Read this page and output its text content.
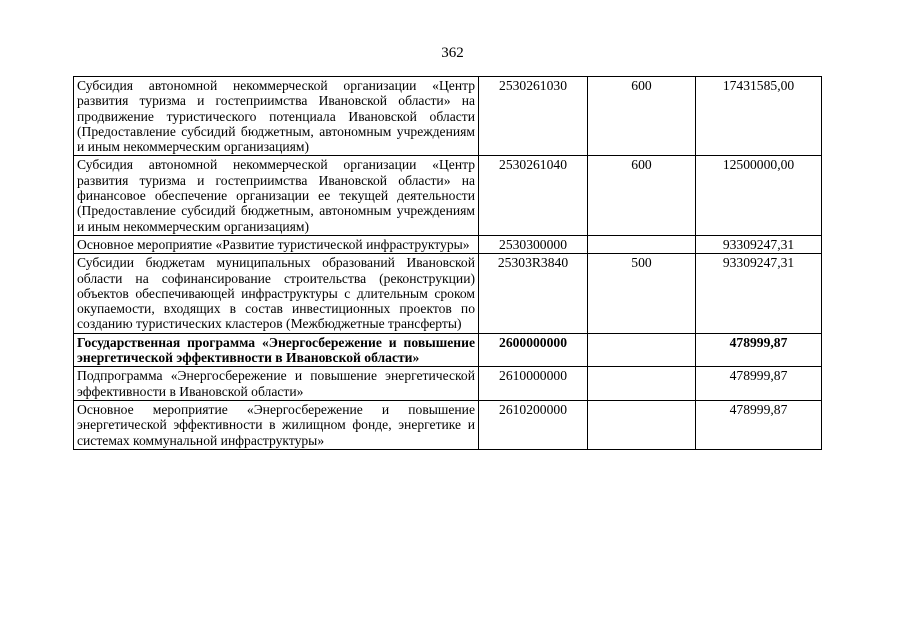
362
Субсидия автономной некоммерческой организации «Центр развития туризма и гостеприимства Ивановской области» на продвижение туристического потенциала Ивановской области (Предоставление субсидий бюджетным, автономным учреждениям и иным некоммерческим организациям)	2530261030	600	17431585,00
Субсидия автономной некоммерческой организации «Центр развития туризма и гостеприимства Ивановской области» на финансовое обеспечение организации ее текущей деятельности (Предоставление субсидий бюджетным, автономным учреждениям и иным некоммерческим организациям)	2530261040	600	12500000,00
Основное мероприятие «Развитие туристической инфраструктуры»	2530300000		93309247,31
Субсидии бюджетам муниципальных образований Ивановской области на софинансирование строительства (реконструкции) объектов обеспечивающей инфраструктуры с длительным сроком окупаемости, входящих в состав инвестиционных проектов по созданию туристических кластеров (Межбюджетные трансферты)	25303R3840	500	93309247,31
Государственная программа «Энергосбережение и повышение энергетической эффективности в Ивановской области»	2600000000		478999,87
Подпрограмма «Энергосбережение и повышение энергетической эффективности в Ивановской области»	2610000000		478999,87
Основное мероприятие «Энергосбережение и повышение энергетической эффективности в жилищном фонде, энергетике и системах коммунальной инфраструктуры»	2610200000		478999,87
